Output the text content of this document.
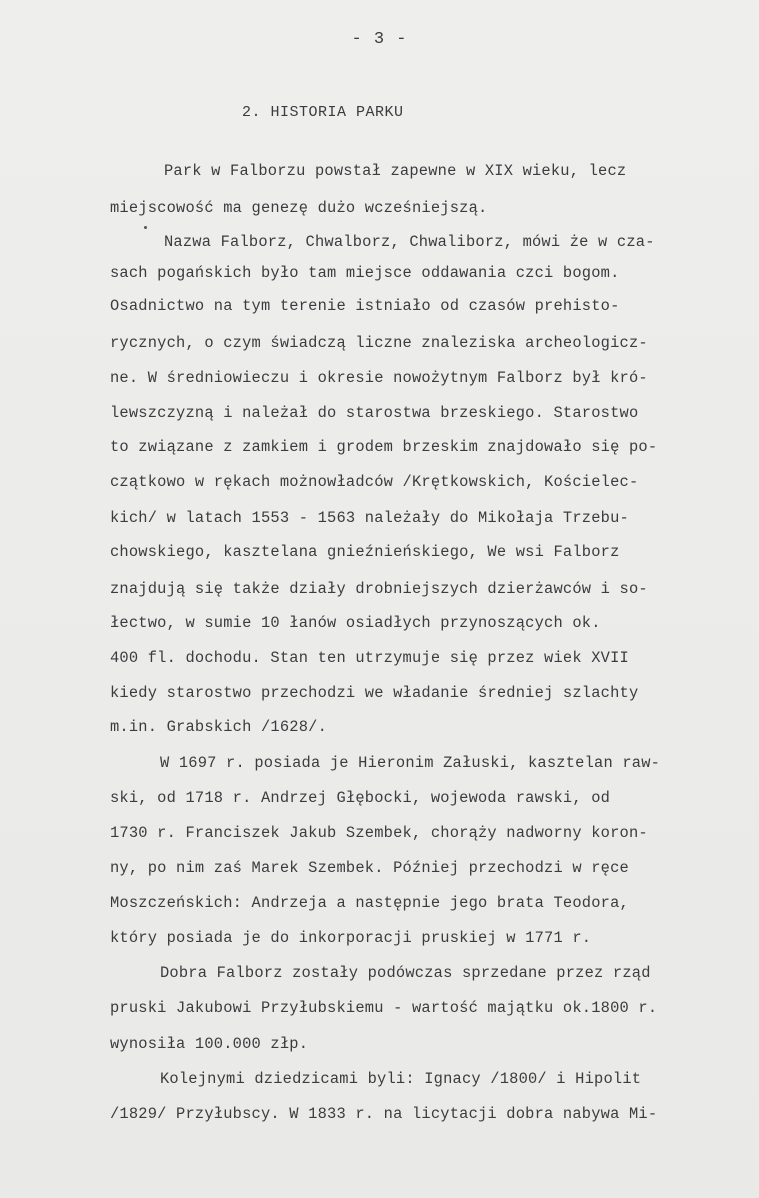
- 3 -
2. HISTORIA PARKU
Park w Falborzu powstał zapewne w XIX wieku, lecz
miejscowość ma genezę dużo wcześniejszą.
Nazwa Falborz, Chwalborz, Chwaliborz, mówi że w cza-
sach pogańskich było tam miejsce oddawania czci bogom.
Osadnictwo na tym terenie istniało od czasów prehisto-
rycznych, o czym świadczą liczne znaleziska archeologicz-
ne. W średniowieczu i okresie nowożytnym Falborz był kró-
lewszczyzną i należał do starostwa brzeskiego. Starostwo
to związane z zamkiem i grodem brzeskim znajdowało się po-
czątkowo w rękach możnowładców /Krętkowskich, Kościelec-
kich/ w latach 1553 - 1563 należały do Mikołaja Trzebu-
chowskiego, kasztelana gnieźnieńskiego, We wsi Falborz
znajdują się także działy drobniejszych dzierżawców i so-
łectwo, w sumie 10 łanów osiadłych przynoszących ok.
400 fl. dochodu. Stan ten utrzymuje się przez wiek XVII
kiedy starostwo przechodzi we władanie średniej szlachty
m.in. Grabskich /1628/.
W 1697 r. posiada je Hieronim Załuski, kasztelan raw-
ski, od 1718 r. Andrzej Głębocki, wojewoda rawski, od
1730 r. Franciszek Jakub Szembek, chorąży nadworny koron-
ny, po nim zaś Marek Szembek. Później przechodzi w ręce
Moszczeńskich: Andrzeja a następnie jego brata Teodora,
który posiada je do inkorporacji pruskiej w 1771 r.
Dobra Falborz zostały podówczas sprzedane przez rząd
pruski Jakubowi Przyłubskiemu - wartość majątku ok.1800 r.
wynosiła 100.000 złp.
Kolejnymi dziedzicami byli: Ignacy /1800/ i Hipolit
/1829/ Przyłubscy. W 1833 r. na licytacji dobra nabywa Mi-
